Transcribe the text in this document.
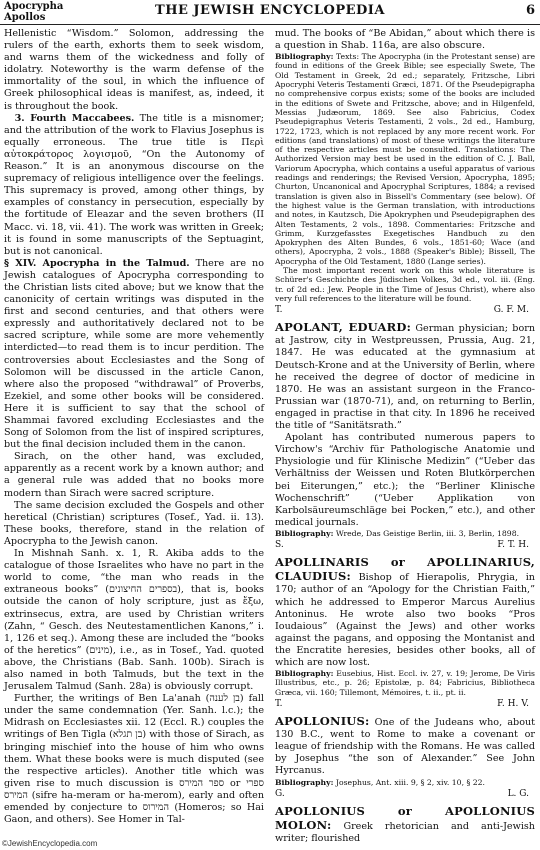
Apocrypha
Apollos	THE JEWISH ENCYCLOPEDIA	6

Hellenistic “Wisdom.” Solomon, addressing the rulers of the earth, exhorts them to seek wisdom, and warns them of the wickedness and folly of idolatry. Noteworthy is the warm defense of the immortality of the soul, in which the influence of Greek philosophical ideas is manifest, as, indeed, it is throughout the book.

3. Fourth Maccabees. The title is a misnomer; and the attribution of the work to Flavius Josephus is equally erroneous. The true title is Περὶ αὐτοκράτορος λογισμοῦ, “On the Autonomy of Reason.” It is an anonymous discourse on the supremacy of religious intelligence over the feelings. This supremacy is proved, among other things, by examples of constancy in persecution, especially by the fortitude of Eleazar and the seven brothers (II Macc. vi. 18, vii. 41). The work was written in Greek; it is found in some manuscripts of the Septuagint, but is not canonical.

§ XIV. Apocrypha in the Talmud. There are no Jewish catalogues of Apocrypha corresponding to the Christian lists cited above; but we know that the canonicity of certain writings was disputed in the first and second centuries, and that others were expressly and authoritatively declared not to be sacred scripture, while some are more vehemently interdicted—to read them is to incur perdition. The controversies about Ecclesiastes and the Song of Solomon will be discussed in the article Canon, where also the proposed “withdrawal” of Proverbs, Ezekiel, and some other books will be considered. Here it is sufficient to say that the school of Shammai favored excluding Ecclesiastes and the Song of Solomon from the list of inspired scriptures, but the final decision included them in the canon.

Sirach, on the other hand, was excluded, apparently as a recent work by a known author; and a general rule was added that no books more modern than Sirach were sacred scripture.

The same decision excluded the Gospels and other heretical (Christian) scriptures (Tosef., Yad. ii. 13). These books, therefore, stand in the relation of Apocrypha to the Jewish canon.

In Mishnah Sanh. x. 1, R. Akiba adds to the catalogue of those Israelites who have no part in the world to come, “the man who reads in the extraneous books” (בספרים החיצונים), that is, books outside the canon of holy scripture, just as ἔξω, extrinsecus, extra, are used by Christian writers (Zahn, “ Gesch. des Neutestamentlichen Kanons,” i. 1, 126 et seq.). Among these are included the “books of the heretics” (מינים), i.e., as in Tosef., Yad. quoted above, the Christians (Bab. Sanh. 100b). Sirach is also named in both Talmuds, but the text in the Jerusalem Talmud (Sanh. 28a) is obviously corrupt.

Further, the writings of Ben La'anah (בן לענה) fall under the same condemnation (Yer. Sanh. l.c.); the Midrash on Ecclesiastes xii. 12 (Eccl. R.) couples the writings of Ben Tigla (בן תגלא) with those of Sirach, as bringing mischief into the house of him who owns them. What these books were is much disputed (see the respective articles). Another title which was given rise to much discussion is ספר המירס or ספרי המירס (sifre ha-meram or ha-merom), early and often emended by conjecture to המירוס (Homeros; so Hai Gaon, and others). See Homer in Tal-

mud. The books of “Be Abidan,” about which there is a question in Shab. 116a, are also obscure.

Bibliography: Texts: The Apocrypha (in the Protestant sense) are found in editions of the Greek Bible; see especially Swete, The Old Testament in Greek, 2d ed.; separately, Fritzsche, Libri Apocryphi Veteris Testamenti Græci, 1871. Of the Pseudepigrapha no comprehensive corpus exists; some of the books are included in the editions of Swete and Fritzsche, above; and in Hilgenfeld, Messias Judæorum, 1869. See also Fabricius, Codex Pseudepigraphus Veteris Testamenti, 2 vols., 2d ed., Hamburg, 1722, 1723, which is not replaced by any more recent work. For editions (and translations) of most of these writings the literature of the respective articles must be consulted. Translations: The Authorized Version may best be used in the edition of C. J. Ball, Variorum Apocrypha, which contains a useful apparatus of various readings and renderings; the Revised Version, Apocrypha, 1895; Churton, Uncanonical and Apocryphal Scriptures, 1884; a revised translation is given also in Bissell's Commentary (see below). Of the highest value is the German translation, with introductions and notes, in Kautzsch, Die Apokryphen und Pseudepigraphen des Alten Testaments, 2 vols., 1898. Commentaries: Fritzsche and Grimm, Kurzgefasstes Exegetisches Handbuch zu den Apokryphen des Alten Bundes, 6 vols., 1851-60; Wace (and others), Apocrypha, 2 vols., 1888 (Speaker's Bible); Bissell, The Apocrypha of the Old Testament, 1880 (Lange series).

The most important recent work on this whole literature is Schürer's Geschichte des Jüdischen Volkes, 3d ed., vol. iii. (Eng. tr. of 2d ed.: Jew. People in the Time of Jesus Christ), where also very full references to the literature will be found.

T.	G. F. M.

APOLANT, EDUARD: German physician; born at Jastrow, city in Westpreussen, Prussia, Aug. 21, 1847. He was educated at the gymnasium at Deutsch-Krone and at the University of Berlin, where he received the degree of doctor of medicine in 1870. He was an assistant surgeon in the Franco-Prussian war (1870-71), and, on returning to Berlin, engaged in practise in that city. In 1896 he received the title of “Sanitätsrath.”

Apolant has contributed numerous papers to Virchow's “Archiv für Pathologische Anatomie und Physiologie und für Klinische Medizin” (“Ueber das Verhältniss der Weissen und Roten Blutkörperchen bei Eiterungen,” etc.); the “Berliner Klinische Wochenschrift” (“Ueber Applikation von Karbolsäureumschläge bei Pocken,” etc.), and other medical journals.

Bibliography: Wrede, Das Geistige Berlin, iii. 3, Berlin, 1898.

S.	F. T. H.

APOLLINARIS or APOLLINARIUS, CLAUDIUS: Bishop of Hierapolis, Phrygia, in 170; author of an “Apology for the Christian Faith,” which he addressed to Emperor Marcus Aurelius Antoninus. He wrote also two books “Pros Ioudaious” (Against the Jews) and other works against the pagans, and opposing the Montanist and the Encratite heresies, besides other books, all of which are now lost.

Bibliography: Eusebius, Hist. Eccl. iv. 27, v. 19; Jerome, De Viris Illustribus, etc., p. 26; Epistolæ, p. 84; Fabricius, Bibliotheca Græca, vii. 160; Tillemont, Mémoires, t. ii., pt. ii.

T.	F. H. V.

APOLLONIUS: One of the Judeans who, about 130 B.C., went to Rome to make a covenant or league of friendship with the Romans. He was called by Josephus “the son of Alexander.” See John Hyrcanus.

Bibliography: Josephus, Ant. xiii. 9, § 2, xiv. 10, § 22.

G.	L. G.

APOLLONIUS or APOLLONIUS MOLON: Greek rhetorician and anti-Jewish writer; flourished

©JewishEncyclopedia.com
